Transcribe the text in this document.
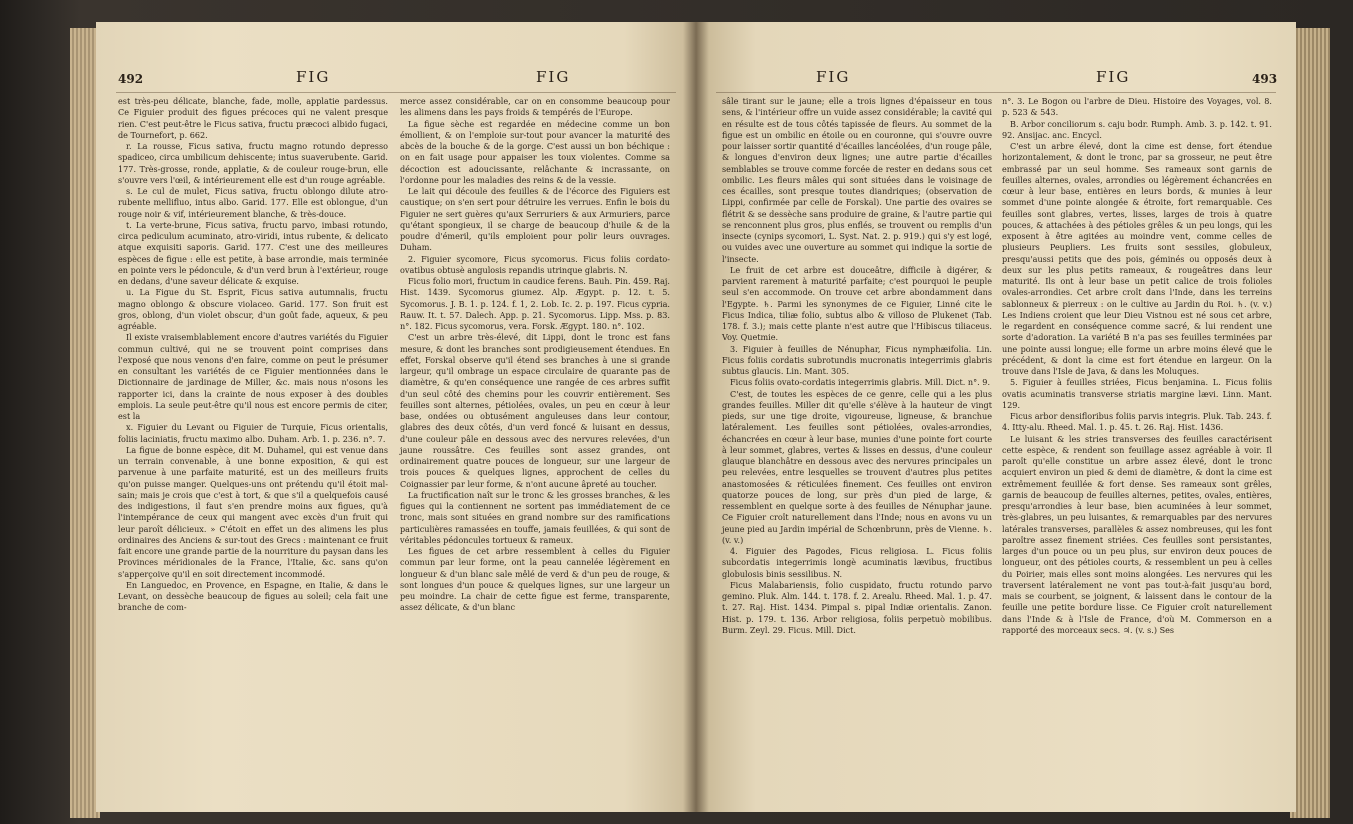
492	FIG	FIG

est très-peu délicate, blanche, fade, molle, applatie pardessus. Ce Figuier produit des figues précoces qui ne valent presque rien. C'est peut-être le Ficus sativa, fructu præcoci albido fugaci, de Tournefort, p. 662.

r. La rousse, Ficus sativa, fructu magno rotundo depresso spadiceo, circa umbilicum dehiscente; intus suaverubente. Garid. 177. Très-grosse, ronde, applatie, & de couleur rouge-brun, elle s'ouvre vers l'œil, & intérieurement elle est d'un rouge agréable.

s. Le cul de mulet, Ficus sativa, fructu oblongo dilute atro-rubente mellifluo, intus albo. Garid. 177. Elle est oblongue, d'un rouge noir & vif, intérieurement blanche, & très-douce.

t. La verte-brune, Ficus sativa, fructu parvo, imbasi rotundo, circa pediculum acuminato, atro-viridi, intus rubente, & delicato atque exquisiti saporis. Garid. 177. C'est une des meilleures espèces de figue : elle est petite, à base arrondie, mais terminée en pointe vers le pédoncule, & d'un verd brun à l'extérieur, rouge en dedans, d'une saveur délicate & exquise.

u. La Figue du St. Esprit, Ficus sativa autumnalis, fructu magno oblongo & obscure violaceo. Garid. 177. Son fruit est gros, oblong, d'un violet obscur, d'un goût fade, aqueux, & peu agréable.

Il existe vraisemblablement encore d'autres variétés du Figuier commun cultivé, qui ne se trouvent point comprises dans l'exposé que nous venons d'en faire, comme on peut le présumer en consultant les variétés de ce Figuier mentionnées dans le Dictionnaire de jardinage de Miller, &c. mais nous n'osons les rapporter ici, dans la crainte de nous exposer à des doubles emplois. La seule peut-être qu'il nous est encore permis de citer, est la

x. Figuier du Levant ou Figuier de Turquie, Ficus orientalis, foliis laciniatis, fructu maximo albo. Duham. Arb. 1. p. 236. n°. 7.

La figue de bonne espèce, dit M. Duhamel, qui est venue dans un terrain convenable, à une bonne exposition, & qui est parvenue à une parfaite maturité, est un des meilleurs fruits qu'on puisse manger. Quelques-uns ont prétendu qu'il étoit mal-sain; mais je crois que c'est à tort, & que s'il a quelquefois causé des indigestions, il faut s'en prendre moins aux figues, qu'à l'intempérance de ceux qui mangent avec excès d'un fruit qui leur paroît délicieux. » C'étoit en effet un des alimens les plus ordinaires des Anciens & sur-tout des Grecs : maintenant ce fruit fait encore une grande partie de la nourriture du paysan dans les Provinces méridionales de la France, l'Italie, &c. sans qu'on s'apperçoive qu'il en soit directement incommodé.

En Languedoc, en Provence, en Espagne, en Italie, & dans le Levant, on dessèche beaucoup de figues au soleil; cela fait une branche de com-

merce assez considérable, car on en consomme beaucoup pour les alimens dans les pays froids & tempérés de l'Europe.

La figue sèche est regardée en médecine comme un bon émollient, & on l'emploie sur-tout pour avancer la maturité des abcès de la bouche & de la gorge. C'est aussi un bon béchique : on en fait usage pour appaiser les toux violentes. Comme sa décoction est adoucissante, relâchante & incrassante, on l'ordonne pour les maladies des reins & de la vessie.

Le lait qui découle des feuilles & de l'écorce des Figuiers est caustique; on s'en sert pour détruire les verrues. Enfin le bois du Figuier ne sert guères qu'aux Serruriers & aux Armuriers, parce qu'étant spongieux, il se charge de beaucoup d'huile & de la poudre d'émeril, qu'ils emploient pour polir leurs ouvrages. Duham.

2. Figuier sycomore, Ficus sycomorus. Ficus foliis cordato-ovatibus obtusè angulosis repandis utrinque glabris. N.

Ficus folio mori, fructum in caudice ferens. Bauh. Pin. 459. Raj. Hist. 1439. Sycomorus giumez. Alp. Ægypt. p. 12. t. 5. Sycomorus. J. B. 1. p. 124. f. 1, 2. Lob. Ic. 2. p. 197. Ficus cypria. Rauw. It. t. 57. Dalech. App. p. 21. Sycomorus. Lipp. Mss. p. 83. n°. 182. Ficus sycomorus, vera. Forsk. Ægypt. 180. n°. 102.

C'est un arbre très-élevé, dit Lippi, dont le tronc est fans mesure, & dont les branches sont prodigieusement étendues. En effet, Forskal observe qu'il étend ses branches à une si grande largeur, qu'il ombrage un espace circulaire de quarante pas de diamètre, & qu'en conséquence une rangée de ces arbres suffit d'un seul côté des chemins pour les couvrir entièrement. Ses feuilles sont alternes, pétiolées, ovales, un peu en cœur à leur base, ondées ou obtusément anguleuses dans leur contour, glabres des deux côtés, d'un verd foncé & luisant en dessus, d'une couleur pâle en dessous avec des nervures relevées, d'un jaune roussâtre. Ces feuilles sont assez grandes, ont ordinairement quatre pouces de longueur, sur une largeur de trois pouces & quelques lignes, approchent de celles du Coignassier par leur forme, & n'ont aucune âpreté au toucher.

La fructification naît sur le tronc & les grosses branches, & les figues qui la contiennent ne sortent pas immédiatement de ce tronc, mais sont situées en grand nombre sur des ramifications particulières ramassées en touffe, jamais feuillées, & qui sont de véritables pédoncules tortueux & rameux.

Les figues de cet arbre ressemblent à celles du Figuier commun par leur forme, ont la peau cannelée légèrement en longueur & d'un blanc sale mêlé de verd & d'un peu de rouge, & sont longues d'un pouce & quelques lignes, sur une largeur un peu moindre. La chair de cette figue est ferme, transparente, assez délicate, & d'un blanc

FIG	FIG	493

sâle tirant sur le jaune; elle a trois lignes d'épaisseur en tous sens, & l'intérieur offre un vuide assez considérable; la cavité qui en résulte est de tous côtés tapissée de fleurs. Au sommet de la figue est un ombilic en étoile ou en couronne, qui s'ouvre ouvre pour laisser sortir quantité d'écailles lancéolées, d'un rouge pâle, & longues d'environ deux lignes; une autre partie d'écailles semblables se trouve comme forcée de rester en dedans sous cet ombilic. Les fleurs mâles qui sont situées dans le voisinage de ces écailles, sont presque toutes diandriques; (observation de Lippi, confirmée par celle de Forskal). Une partie des ovaires se flétrit & se dessèche sans produire de graine, & l'autre partie qui se renconnent plus gros, plus enflés, se trouvent ou remplis d'un insecte (cynips sycomori, L. Syst. Nat. 2. p. 919.) qui s'y est logé, ou vuides avec une ouverture au sommet qui indique la sortie de l'insecte.

Le fruit de cet arbre est douceâtre, difficile à digérer, & parvient rarement à maturité parfaite; c'est pourquoi le peuple seul s'en accommode. On trouve cet arbre abondamment dans l'Egypte. ♄. Parmi les synonymes de ce Figuier, Linné cite le Ficus Indica, tiliæ folio, subtus albo & villoso de Plukenet (Tab. 178. f. 3.); mais cette plante n'est autre que l'Hibiscus tiliaceus. Voy. Quetmie.

3. Figuier à feuilles de Nénuphar, Ficus nymphæifolia. Lin. Ficus foliis cordatis subrotundis mucronatis integerrimis glabris subtus glaucis. Lin. Mant. 305.

Ficus foliis ovato-cordatis integerrimis glabris. Mill. Dict. n°. 9.

C'est, de toutes les espèces de ce genre, celle qui a les plus grandes feuilles. Miller dit qu'elle s'élève à la hauteur de vingt pieds, sur une tige droite, vigoureuse, ligneuse, & branchue latéralement. Les feuilles sont pétiolées, ovales-arrondies, échancrées en cœur à leur base, munies d'une pointe fort courte à leur sommet, glabres, vertes & lisses en dessus, d'une couleur glauque blanchâtre en dessous avec des nervures principales un peu relevées, entre lesquelles se trouvent d'autres plus petites anastomosées & réticulées finement. Ces feuilles ont environ quatorze pouces de long, sur près d'un pied de large, & ressemblent en quelque sorte à des feuilles de Nénuphar jaune. Ce Figuier croît naturellement dans l'Inde; nous en avons vu un jeune pied au Jardin impérial de Schœnbrunn, près de Vienne. ♄. (v. v.)

4. Figuier des Pagodes, Ficus religiosa. L. Ficus foliis subcordatis integerrimis longè acuminatis lævibus, fructibus globulosis binis sessilibus. N.

Ficus Malabariensis, folio cuspidato, fructu rotundo parvo gemino. Pluk. Alm. 144. t. 178. f. 2. Arealu. Rheed. Mal. 1. p. 47. t. 27. Raj. Hist. 1434. Pimpal s. pipal Indiæ orientalis. Zanon. Hist. p. 179. t. 136. Arbor religiosa, foliis perpetuò mobilibus. Burm. Zeyl. 29. Ficus. Mill. Dict.

n°. 3. Le Bogon ou l'arbre de Dieu. Histoire des Voyages, vol. 8. p. 523 & 543.

B. Arbor conciliorum s. caju bodr. Rumph. Amb. 3. p. 142. t. 91. 92. Ansijac. anc. Encycl.

C'est un arbre élevé, dont la cime est dense, fort étendue horizontalement, & dont le tronc, par sa grosseur, ne peut être embrassé par un seul homme. Ses rameaux sont garnis de feuilles alternes, ovales, arrondies ou légèrement échancrées en cœur à leur base, entières en leurs bords, & munies à leur sommet d'une pointe alongée & étroite, fort remarquable. Ces feuilles sont glabres, vertes, lisses, larges de trois à quatre pouces, & attachées à des pétioles grêles & un peu longs, qui les exposent à être agitées au moindre vent, comme celles de plusieurs Peupliers. Les fruits sont sessiles, globuleux, presqu'aussi petits que des pois, géminés ou opposés deux à deux sur les plus petits rameaux, & rougeâtres dans leur maturité. Ils ont à leur base un petit calice de trois folioles ovales-arrondies. Cet arbre croît dans l'Inde, dans les terreins sablonneux & pierreux : on le cultive au Jardin du Roi. ♄. (v. v.) Les Indiens croient que leur Dieu Vistnou est né sous cet arbre, le regardent en conséquence comme sacré, & lui rendent une sorte d'adoration. La variété B n'a pas ses feuilles terminées par une pointe aussi longue; elle forme un arbre moins élevé que le précédent, & dont la cime est fort étendue en largeur. On la trouve dans l'Isle de Java, & dans les Moluques.

5. Figuier à feuilles striées, Ficus benjamina. L. Ficus foliis ovatis acuminatis transverse striatis margine lævi. Linn. Mant. 129.

Ficus arbor densifloribus foliis parvis integris. Pluk. Tab. 243. f. 4. Itty-alu. Rheed. Mal. 1. p. 45. t. 26. Raj. Hist. 1436.

Le luisant & les stries transverses des feuilles caractérisent cette espèce, & rendent son feuillage assez agréable à voir. Il paroît qu'elle constitue un arbre assez élevé, dont le tronc acquiert environ un pied & demi de diamètre, & dont la cime est extrêmement feuillée & fort dense. Ses rameaux sont grêles, garnis de beaucoup de feuilles alternes, petites, ovales, entières, presqu'arrondies à leur base, bien acuminées à leur sommet, très-glabres, un peu luisantes, & remarquables par des nervures latérales transverses, parallèles & assez nombreuses, qui les font paroître assez finement striées. Ces feuilles sont persistantes, larges d'un pouce ou un peu plus, sur environ deux pouces de longueur, ont des pétioles courts, & ressemblent un peu à celles du Poirier, mais elles sont moins alongées. Les nervures qui les traversent latéralement ne vont pas tout-à-fait jusqu'au bord, mais se courbent, se joignent, & laissent dans le contour de la feuille une petite bordure lisse. Ce Figuier croît naturellement dans l'Inde & à l'Isle de France, d'où M. Commerson en a rapporté des morceaux secs. ♃. (v. s.) Ses
